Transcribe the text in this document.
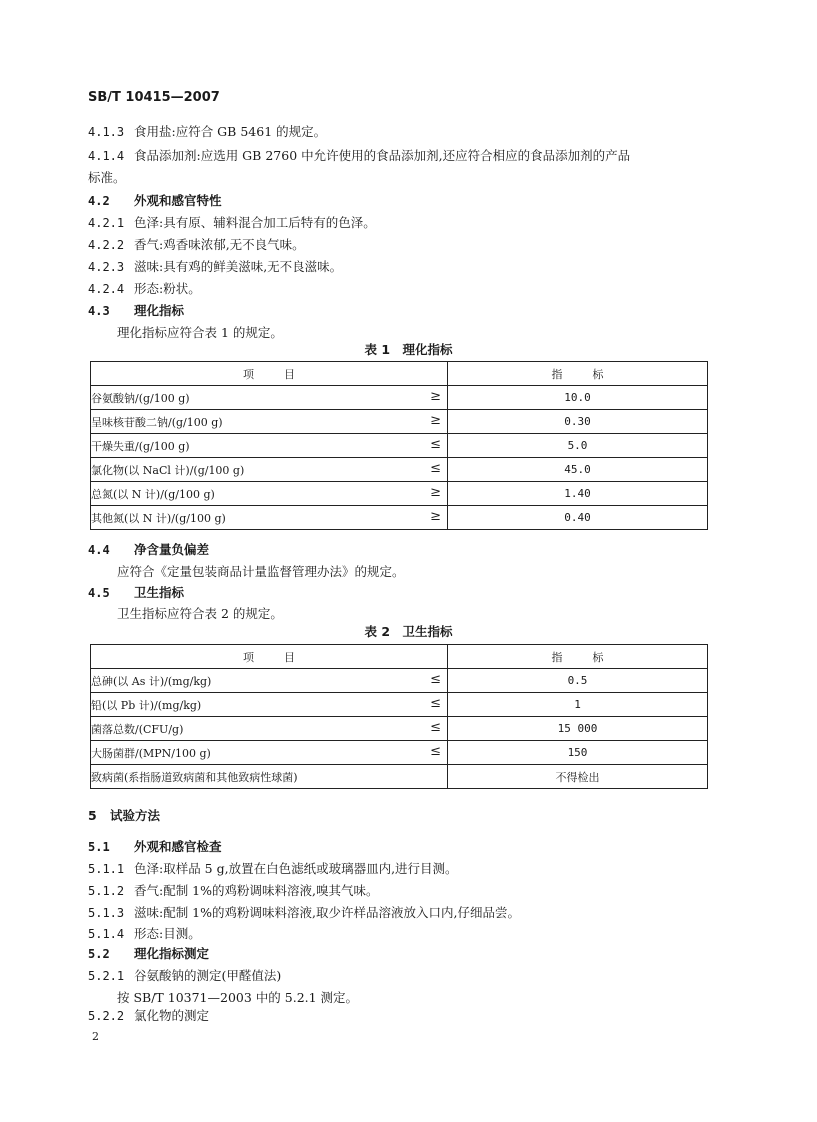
SB/T 10415—2007
4.1.3 食用盐:应符合 GB 5461 的规定。
4.1.4 食品添加剂:应选用 GB 2760 中允许使用的食品添加剂,还应符合相应的食品添加剂的产品
标准。
4.2 外观和感官特性
4.2.1 色泽:具有原、辅料混合加工后特有的色泽。
4.2.2 香气:鸡香味浓郁,无不良气味。
4.2.3 滋味:具有鸡的鲜美滋味,无不良滋味。
4.2.4 形态:粉状。
4.3 理化指标
理化指标应符合表 1 的规定。
表 1　理化指标
项目	指标
谷氨酸钠/(g/100 g) ≥	10.0
呈味核苷酸二钠/(g/100 g) ≥	0.30
干燥失重/(g/100 g) ≤	5.0
氯化物(以 NaCl 计)/(g/100 g) ≤	45.0
总氮(以 N 计)/(g/100 g) ≥	1.40
其他氮(以 N 计)/(g/100 g) ≥	0.40
4.4 净含量负偏差
应符合《定量包装商品计量监督管理办法》的规定。
4.5 卫生指标
卫生指标应符合表 2 的规定。
表 2　卫生指标
项目	指标
总砷(以 As 计)/(mg/kg) ≤	0.5
铅(以 Pb 计)/(mg/kg) ≤	1
菌落总数/(CFU/g) ≤	15 000
大肠菌群/(MPN/100 g) ≤	150
致病菌(系指肠道致病菌和其他致病性球菌)	不得检出
5 试验方法
5.1 外观和感官检查
5.1.1 色泽:取样品 5 g,放置在白色滤纸或玻璃器皿内,进行目测。
5.1.2 香气:配制 1%的鸡粉调味料溶液,嗅其气味。
5.1.3 滋味:配制 1%的鸡粉调味料溶液,取少许样品溶液放入口内,仔细品尝。
5.1.4 形态:目测。
5.2 理化指标测定
5.2.1 谷氨酸钠的测定(甲醛值法)
按 SB/T 10371—2003 中的 5.2.1 测定。
5.2.2 氯化物的测定
2
